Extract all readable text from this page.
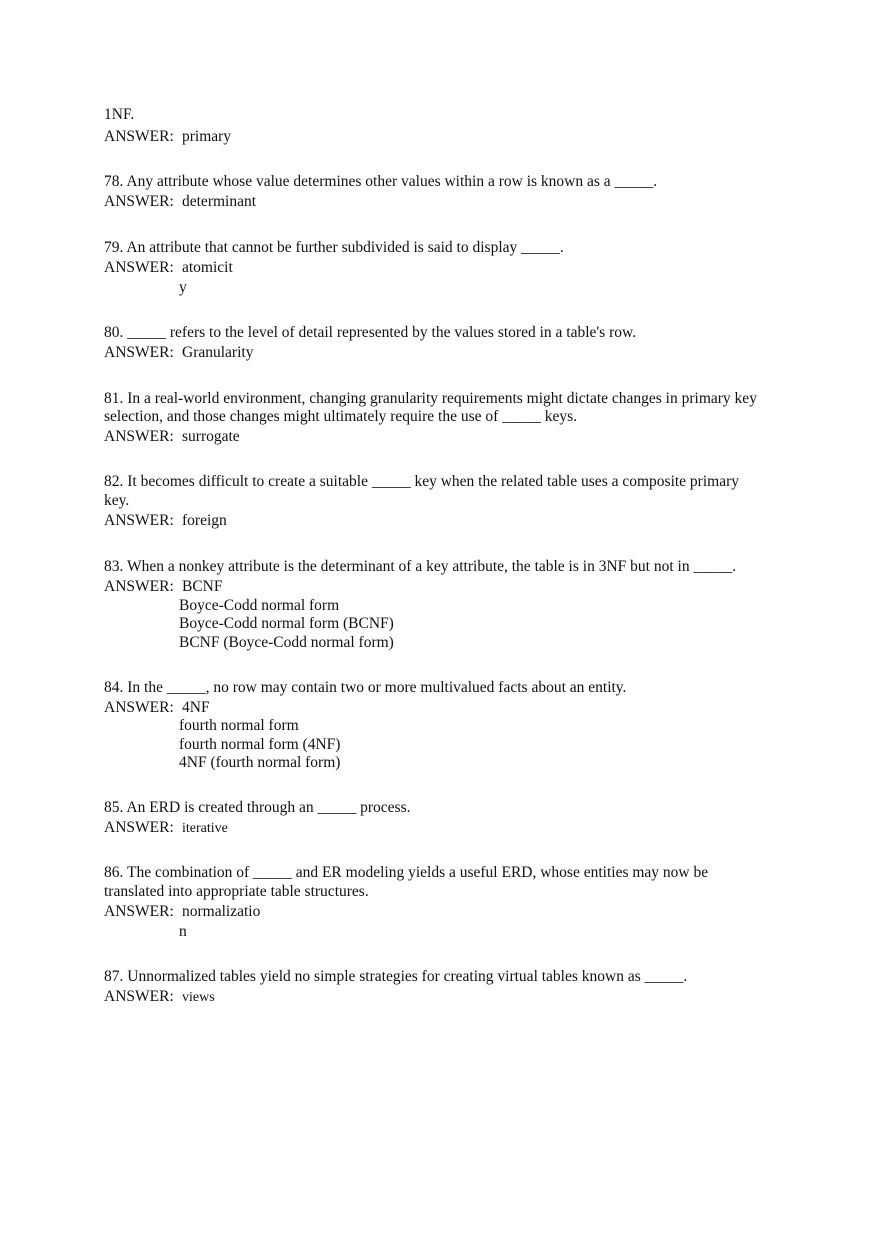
1NF.
ANSWER: primary
78. Any attribute whose value determines other values within a row is known as a _____.
ANSWER: determinant
79. An attribute that cannot be further subdivided is said to display _____.
ANSWER: atomicit
y
80. _____ refers to the level of detail represented by the values stored in a table's row.
ANSWER: Granularity
81. In a real-world environment, changing granularity requirements might dictate changes in primary key
selection, and those changes might ultimately require the use of _____ keys.
ANSWER: surrogate
82. It becomes difficult to create a suitable _____ key when the related table uses a composite primary
key.
ANSWER: foreign
83. When a nonkey attribute is the determinant of a key attribute, the table is in 3NF but not in _____.
ANSWER: BCNF
Boyce-Codd normal form
Boyce-Codd normal form (BCNF)
BCNF (Boyce-Codd normal form)
84. In the _____, no row may contain two or more multivalued facts about an entity.
ANSWER: 4NF
fourth normal form
fourth normal form (4NF)
4NF (fourth normal form)
85. An ERD is created through an _____ process.
ANSWER: iterative
86. The combination of _____ and ER modeling yields a useful ERD, whose entities may now be
translated into appropriate table structures.
ANSWER: normalizatio
n
87. Unnormalized tables yield no simple strategies for creating virtual tables known as _____.
ANSWER: views
